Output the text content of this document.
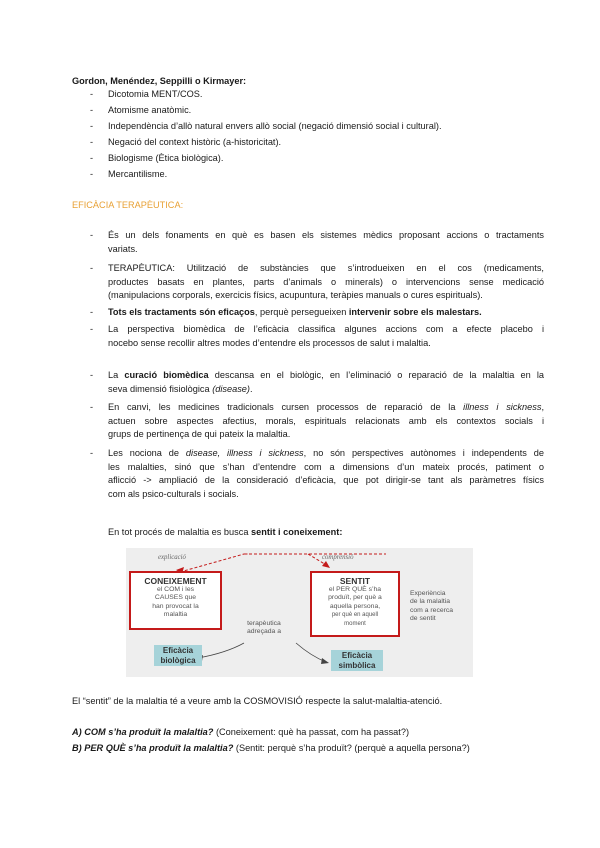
Gordon, Menéndez, Seppilli o Kirmayer:
- Dicotomia MENT/COS.
- Atomisme anatòmic.
- Independència d’allò natural envers allò social (negació dimensió social i cultural).
- Negació del context històric (a-historicitat).
- Biologisme (Ètica biològica).
- Mercantilisme.
EFICÀCIA TERAPÈUTICA:
- És un dels fonaments en què es basen els sistemes mèdics proposant accions o tractaments
variats.
- TERAPÈUTICA: Utilització de substàncies que s’introdueixen en el cos (medicaments,
productes basats en plantes, parts d’animals o minerals) o intervencions sense medicació
(manipulacions corporals, exercicis físics, acupuntura, teràpies manuals o cures espirituals).
- Tots els tractaments són eficaços, perquè persegueixen intervenir sobre els malestars.
- La perspectiva biomèdica de l’eficàcia classifica algunes accions com a efecte placebo i
nocebo sense recollir altres modes d’entendre els processos de salut i malaltia.
- La curació biomèdica descansa en el biològic, en l’eliminació o reparació de la malaltia en la
seva dimensió fisiològica (disease).
- En canvi, les medicines tradicionals cursen processos de reparació de la illness i sickness,
actuen sobre aspectes afectius, morals, espirituals relacionats amb els contextos socials i
grups de pertinença de qui pateix la malaltia.
- Les nociona de disease, illness i sickness, no són perspectives autònomes i independents de
les malalties, sinó que s’han d’entendre com a dimensions d’un mateix procés, patiment o
aflicció -> ampliació de la consideració d’eficàcia, que pot dirigir-se tant als paràmetres físics
com als psico-culturals i socials.
En tot procés de malaltia es busca sentit i coneixement:
explicació	comprensió
CONEIXEMENT
el COM i les
CAUSES que
han provocat la
malaltia
SENTIT
el PER QUÈ s’ha
produït, per què a
aquella persona,
per què en aquell
moment
Experiència
de la malaltia
com a recerca
de sentit
terapèutica
adreçada a
Eficàcia
biològica	Eficàcia
simbòlica
El “sentit” de la malaltia té a veure amb la COSMOVISIÓ respecte la salut-malaltia-atenció.
A) COM s’ha produït la malaltia? (Coneixement: què ha passat, com ha passat?)
B) PER QUÈ s’ha produït la malaltia? (Sentit: perquè s’ha produït? (perquè a aquella persona?)
